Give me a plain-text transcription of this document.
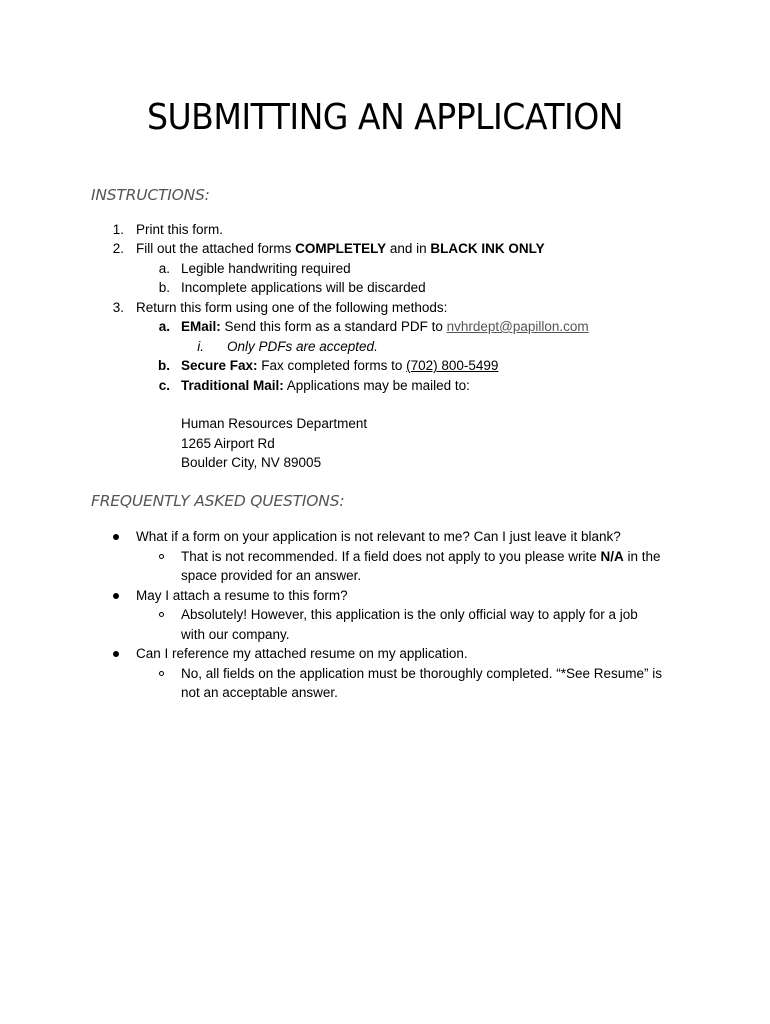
SUBMITTING AN APPLICATION
INSTRUCTIONS:
1. Print this form.
2. Fill out the attached forms COMPLETELY and in BLACK INK ONLY
a. Legible handwriting required
b. Incomplete applications will be discarded
3. Return this form using one of the following methods:
a. EMail: Send this form as a standard PDF to nvhrdept@papillon.com
i. Only PDFs are accepted.
b. Secure Fax: Fax completed forms to (702) 800-5499
c. Traditional Mail: Applications may be mailed to:
Human Resources Department
1265 Airport Rd
Boulder City, NV 89005
FREQUENTLY ASKED QUESTIONS:
What if a form on your application is not relevant to me? Can I just leave it blank?
That is not recommended. If a field does not apply to you please write N/A in the
space provided for an answer.
May I attach a resume to this form?
Absolutely! However, this application is the only official way to apply for a job
with our company.
Can I reference my attached resume on my application.
No, all fields on the application must be thoroughly completed. “*See Resume” is
not an acceptable answer.
